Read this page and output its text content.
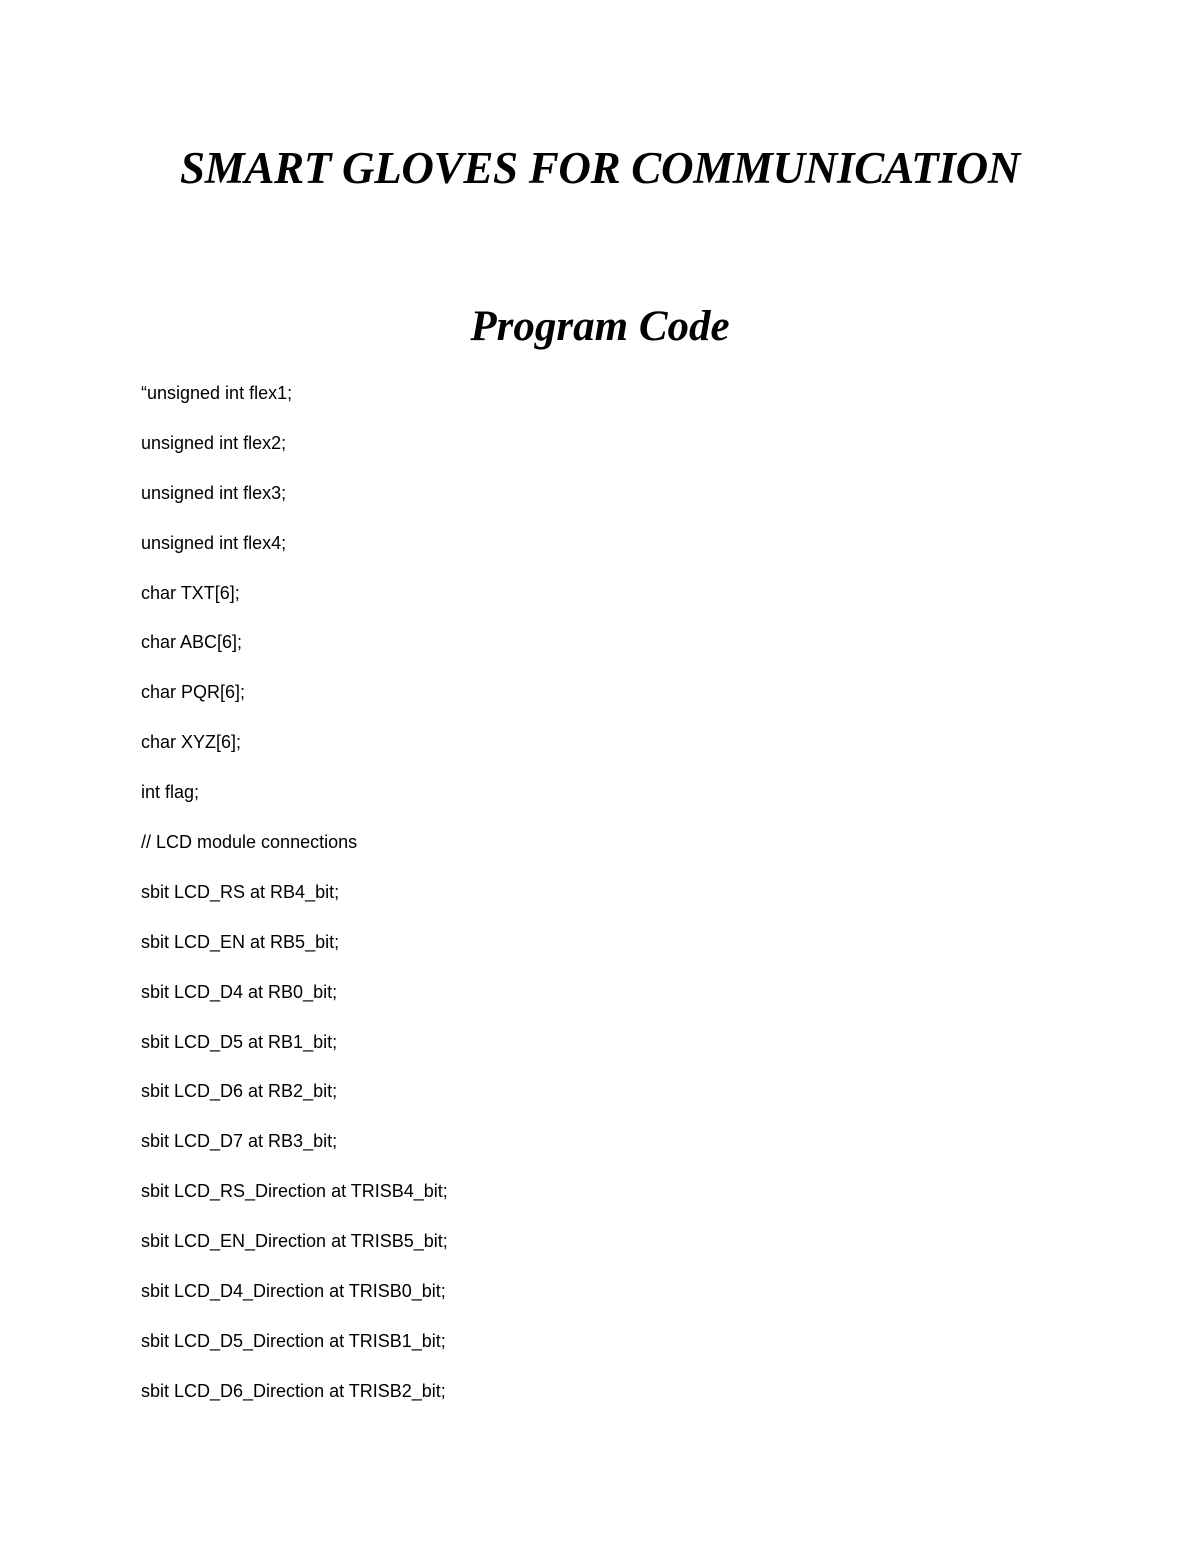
SMART GLOVES FOR COMMUNICATION
Program Code
“unsigned int flex1;
unsigned int flex2;
unsigned int flex3;
unsigned int flex4;
char TXT[6];
char ABC[6];
char PQR[6];
char XYZ[6];
int flag;
// LCD module connections
sbit LCD_RS at RB4_bit;
sbit LCD_EN at RB5_bit;
sbit LCD_D4 at RB0_bit;
sbit LCD_D5 at RB1_bit;
sbit LCD_D6 at RB2_bit;
sbit LCD_D7 at RB3_bit;
sbit LCD_RS_Direction at TRISB4_bit;
sbit LCD_EN_Direction at TRISB5_bit;
sbit LCD_D4_Direction at TRISB0_bit;
sbit LCD_D5_Direction at TRISB1_bit;
sbit LCD_D6_Direction at TRISB2_bit;
